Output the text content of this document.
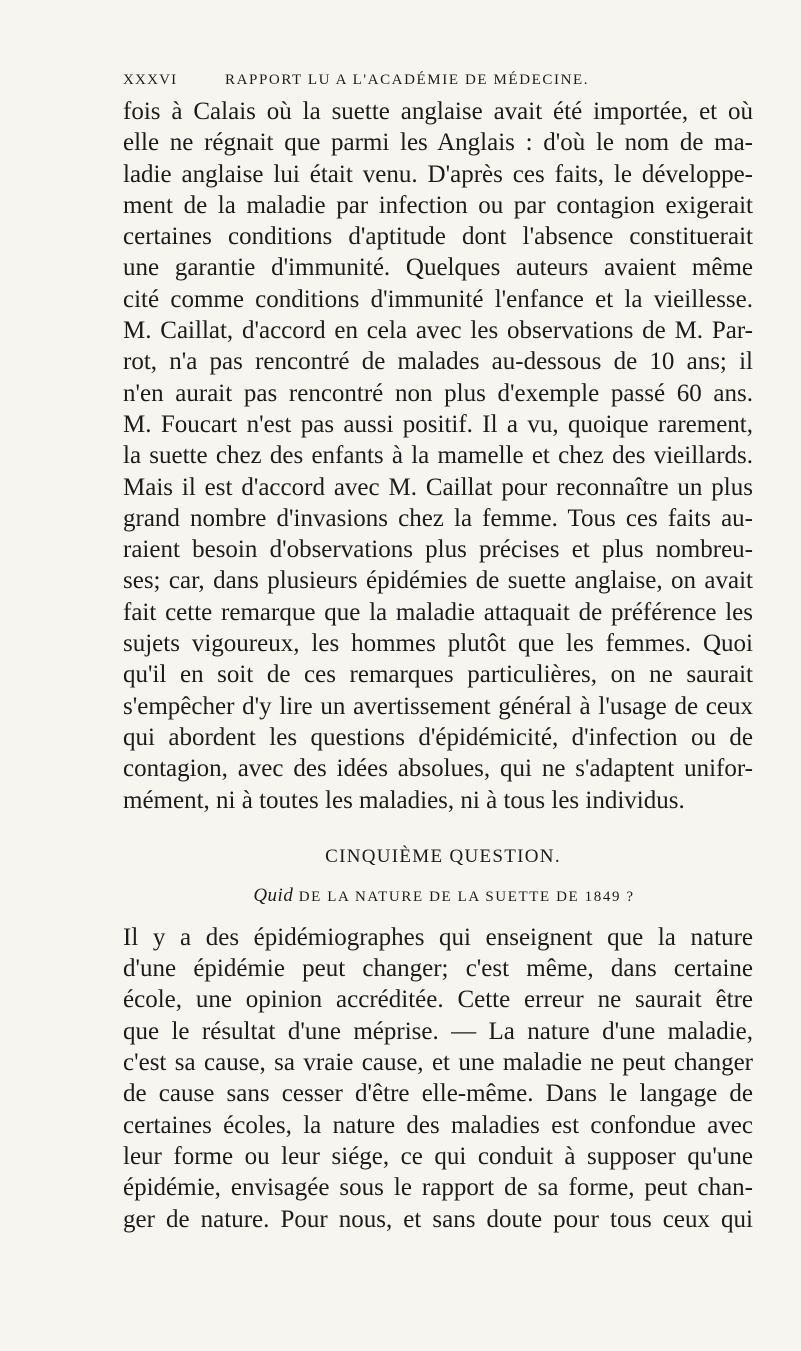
XXXVI	RAPPORT LU A L'ACADÉMIE DE MÉDECINE.

fois à Calais où la suette anglaise avait été importée, et où
elle ne régnait que parmi les Anglais : d'où le nom de ma-
ladie anglaise lui était venu. D'après ces faits, le développe-
ment de la maladie par infection ou par contagion exigerait
certaines conditions d'aptitude dont l'absence constituerait
une garantie d'immunité. Quelques auteurs avaient même
cité comme conditions d'immunité l'enfance et la vieillesse.
M. Caillat, d'accord en cela avec les observations de M. Par-
rot, n'a pas rencontré de malades au-dessous de 10 ans; il
n'en aurait pas rencontré non plus d'exemple passé 60 ans.
M. Foucart n'est pas aussi positif. Il a vu, quoique rarement,
la suette chez des enfants à la mamelle et chez des vieillards.
Mais il est d'accord avec M. Caillat pour reconnaître un plus
grand nombre d'invasions chez la femme. Tous ces faits au-
raient besoin d'observations plus précises et plus nombreu-
ses; car, dans plusieurs épidémies de suette anglaise, on avait
fait cette remarque que la maladie attaquait de préférence les
sujets vigoureux, les hommes plutôt que les femmes. Quoi
qu'il en soit de ces remarques particulières, on ne saurait
s'empêcher d'y lire un avertissement général à l'usage de ceux
qui abordent les questions d'épidémicité, d'infection ou de
contagion, avec des idées absolues, qui ne s'adaptent unifor-
mément, ni à toutes les maladies, ni à tous les individus.

CINQUIÈME QUESTION.
Quid DE LA NATURE DE LA SUETTE DE 1849 ?

Il y a des épidémiographes qui enseignent que la nature
d'une épidémie peut changer; c'est même, dans certaine
école, une opinion accréditée. Cette erreur ne saurait être
que le résultat d'une méprise. — La nature d'une maladie,
c'est sa cause, sa vraie cause, et une maladie ne peut changer
de cause sans cesser d'être elle-même. Dans le langage de
certaines écoles, la nature des maladies est confondue avec
leur forme ou leur siége, ce qui conduit à supposer qu'une
épidémie, envisagée sous le rapport de sa forme, peut chan-
ger de nature. Pour nous, et sans doute pour tous ceux qui
